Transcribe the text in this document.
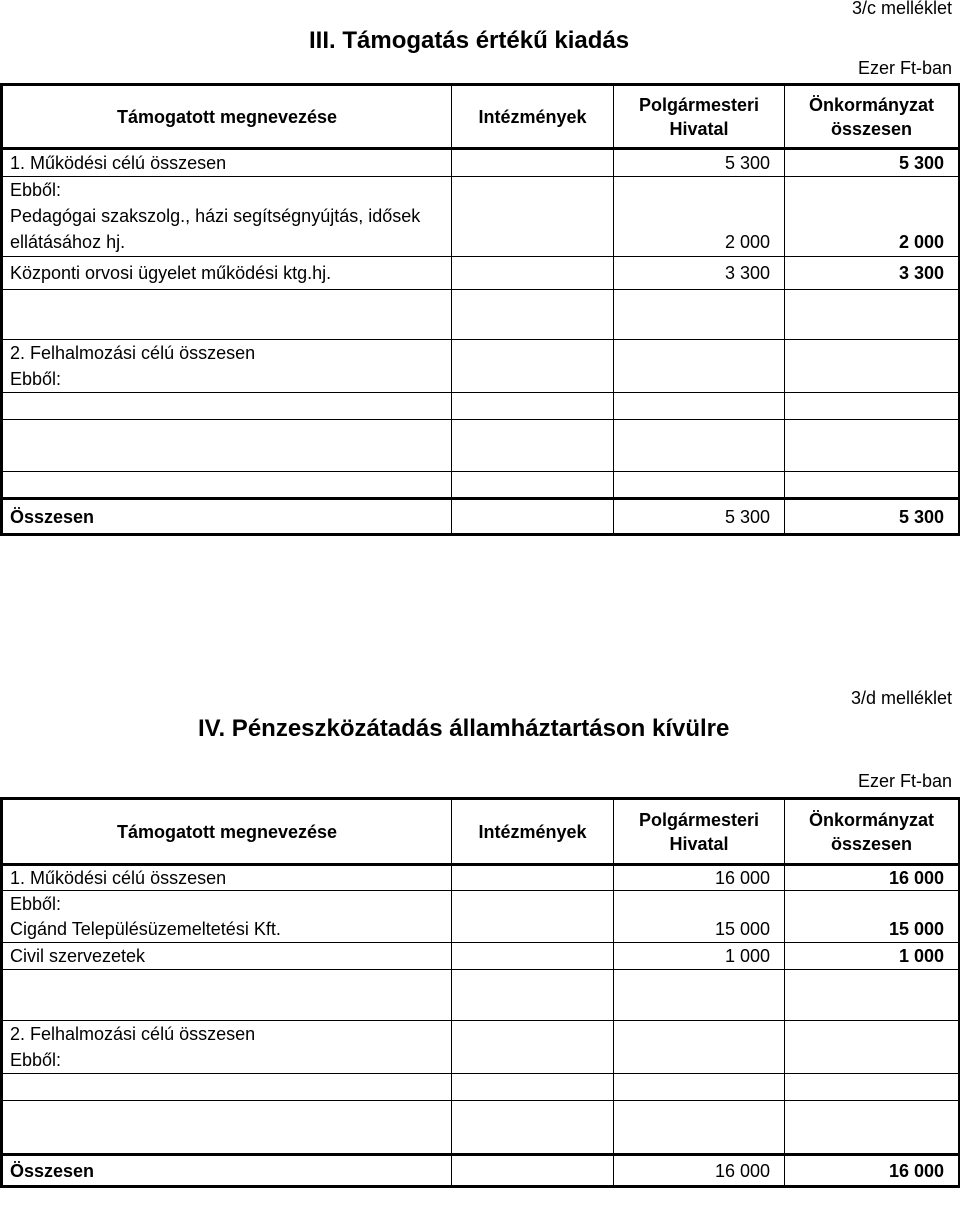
3/c melléklet
III. Támogatás értékű kiadás
Ezer Ft-ban
Támogatott megnevezése	Intézmények	Polgármesteri Hivatal	Önkormányzat összesen
1. Működési célú összesen		5 300	5 300
Ebből:			
Pedagógai szakszolg., házi segítségnyújtás, idősek ellátásához hj.		2 000	2 000
Központi orvosi ügyelet működési ktg.hj.		3 300	3 300

2. Felhalmozási célú összesen			
Ebből:			

Összesen		5 300	5 300
3/d melléklet
IV. Pénzeszközátadás államháztartáson kívülre
Ezer Ft-ban
Támogatott megnevezése	Intézmények	Polgármesteri Hivatal	Önkormányzat összesen
1. Működési célú összesen		16 000	16 000
Ebből:			
Cigánd Településüzemeltetési Kft.		15 000	15 000
Civil szervezetek		1 000	1 000

2. Felhalmozási célú összesen			
Ebből:			

Összesen		16 000	16 000
